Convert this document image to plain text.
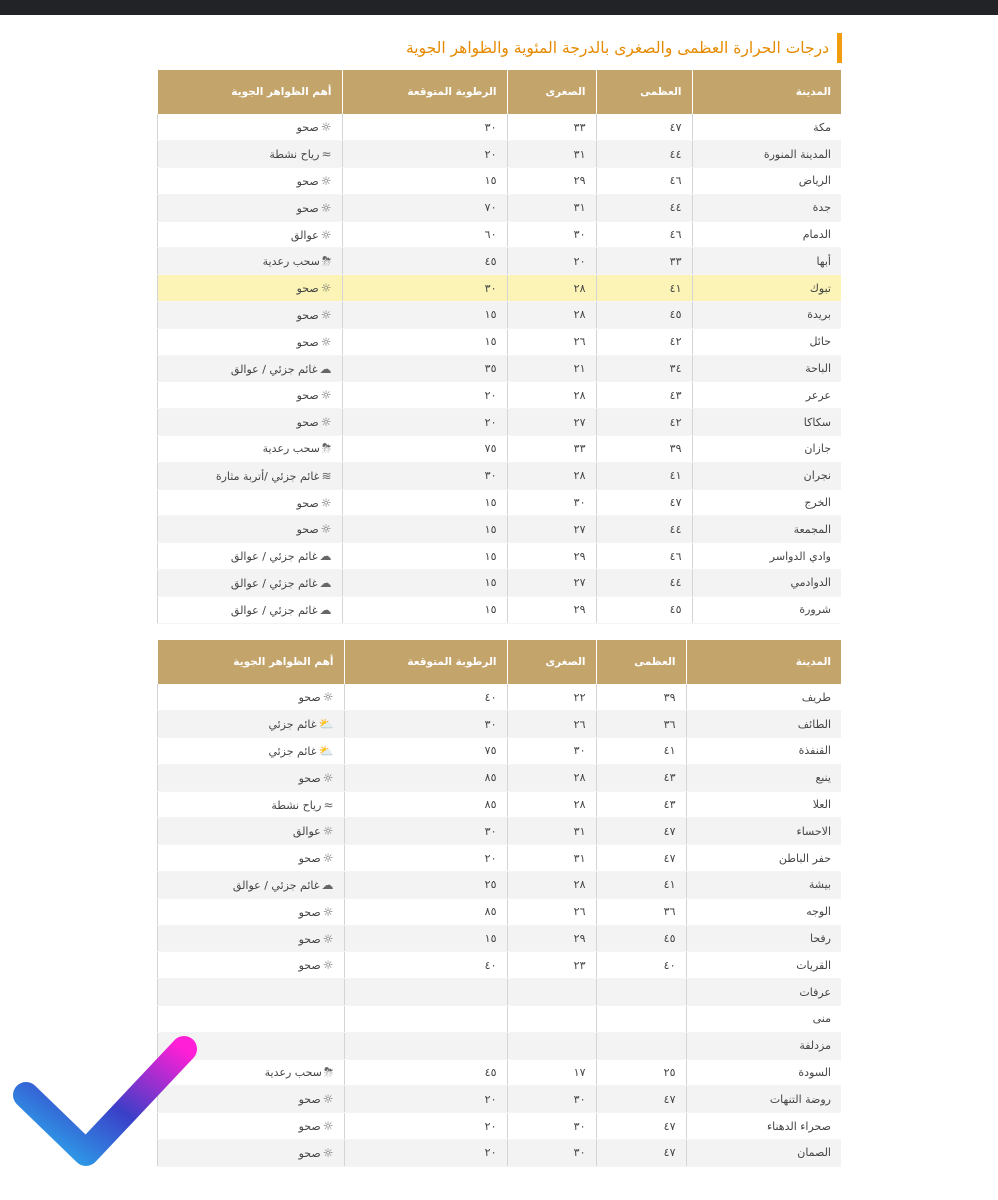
درجات الحرارة العظمى والصغرى بالدرجة المئوية والظواهر الجوية
المدينة	العظمى	الصغرى	الرطوبة المتوقعة	أهم الظواهر الجوية
مكة	٤٧	٣٣	٣٠	☼صحو
المدينة المنورة	٤٤	٣١	٢٠	≈رياح نشطة
الرياض	٤٦	٢٩	١٥	☼صحو
جدة	٤٤	٣١	٧٠	☼صحو
الدمام	٤٦	٣٠	٦٠	☼عوالق
أبها	٣٣	٢٠	٤٥	⛈سحب رعدية
تبوك	٤١	٢٨	٣٠	☼صحو
بريدة	٤٥	٢٨	١٥	☼صحو
حائل	٤٢	٢٦	١٥	☼صحو
الباحة	٣٤	٢١	٣٥	☁غائم جزئي / عوالق
عرعر	٤٣	٢٨	٢٠	☼صحو
سكاكا	٤٢	٢٧	٢٠	☼صحو
جازان	٣٩	٣٣	٧٥	⛈سحب رعدية
نجران	٤١	٢٨	٣٠	≋غائم جزئي /أتربة مثارة
الخرج	٤٧	٣٠	١٥	☼صحو
المجمعة	٤٤	٢٧	١٥	☼صحو
وادي الدواسر	٤٦	٢٩	١٥	☁غائم جزئي / عوالق
الدوادمي	٤٤	٢٧	١٥	☁غائم جزئي / عوالق
شرورة	٤٥	٢٩	١٥	☁غائم جزئي / عوالق
المدينة	العظمى	الصغرى	الرطوبة المتوقعة	أهم الظواهر الجوية
طريف	٣٩	٢٢	٤٠	☼صحو
الطائف	٣٦	٢٦	٣٠	⛅غائم جزئي
القنفذة	٤١	٣٠	٧٥	⛅غائم جزئي
ينبع	٤٣	٢٨	٨٥	☼صحو
العلا	٤٣	٢٨	٨٥	≈رياح نشطة
الاحساء	٤٧	٣١	٣٠	☼عوالق
حفر الباطن	٤٧	٣١	٢٠	☼صحو
بيشة	٤١	٢٨	٢٥	☁غائم جزئي / عوالق
الوجه	٣٦	٢٦	٨٥	☼صحو
رفحا	٤٥	٢٩	١٥	☼صحو
القريات	٤٠	٢٣	٤٠	☼صحو
عرفات				
منى				
مزدلفة				
السودة	٢٥	١٧	٤٥	⛈سحب رعدية
روضة التنهات	٤٧	٣٠	٢٠	☼صحو
صحراء الدهناء	٤٧	٣٠	٢٠	☼صحو
الصمان	٤٧	٣٠	٢٠	☼صحو
